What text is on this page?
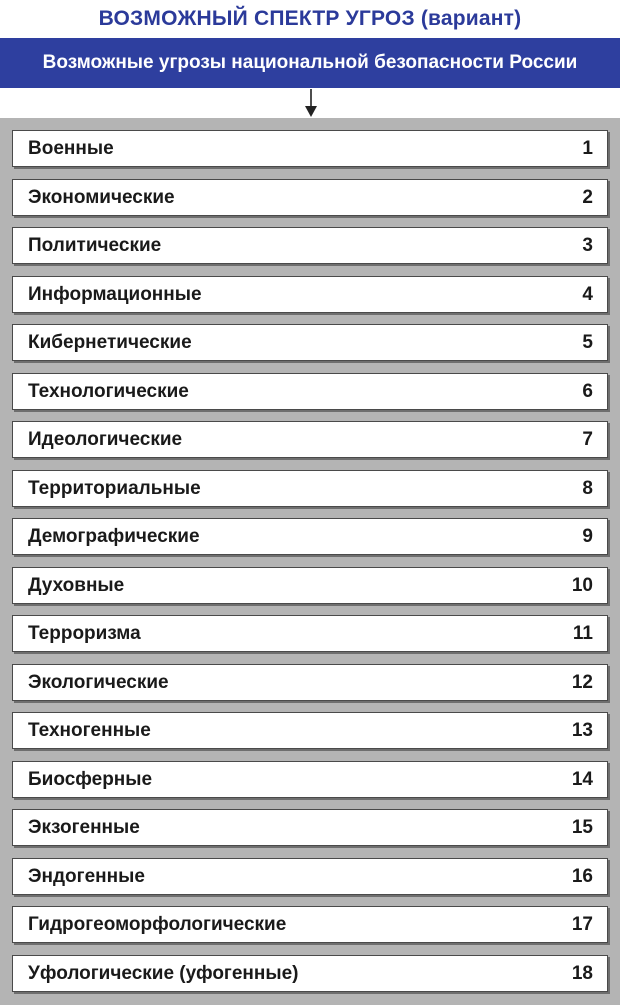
ВОЗМОЖНЫЙ СПЕКТР УГРОЗ (вариант)
Возможные угрозы национальной безопасности России
Военные	1
Экономические	2
Политические	3
Информационные	4
Кибернетические	5
Технологические	6
Идеологические	7
Территориальные	8
Демографические	9
Духовные	10
Терроризма	11
Экологические	12
Техногенные	13
Биосферные	14
Экзогенные	15
Эндогенные	16
Гидрогеоморфологические	17
Уфологические (уфогенные)	18
